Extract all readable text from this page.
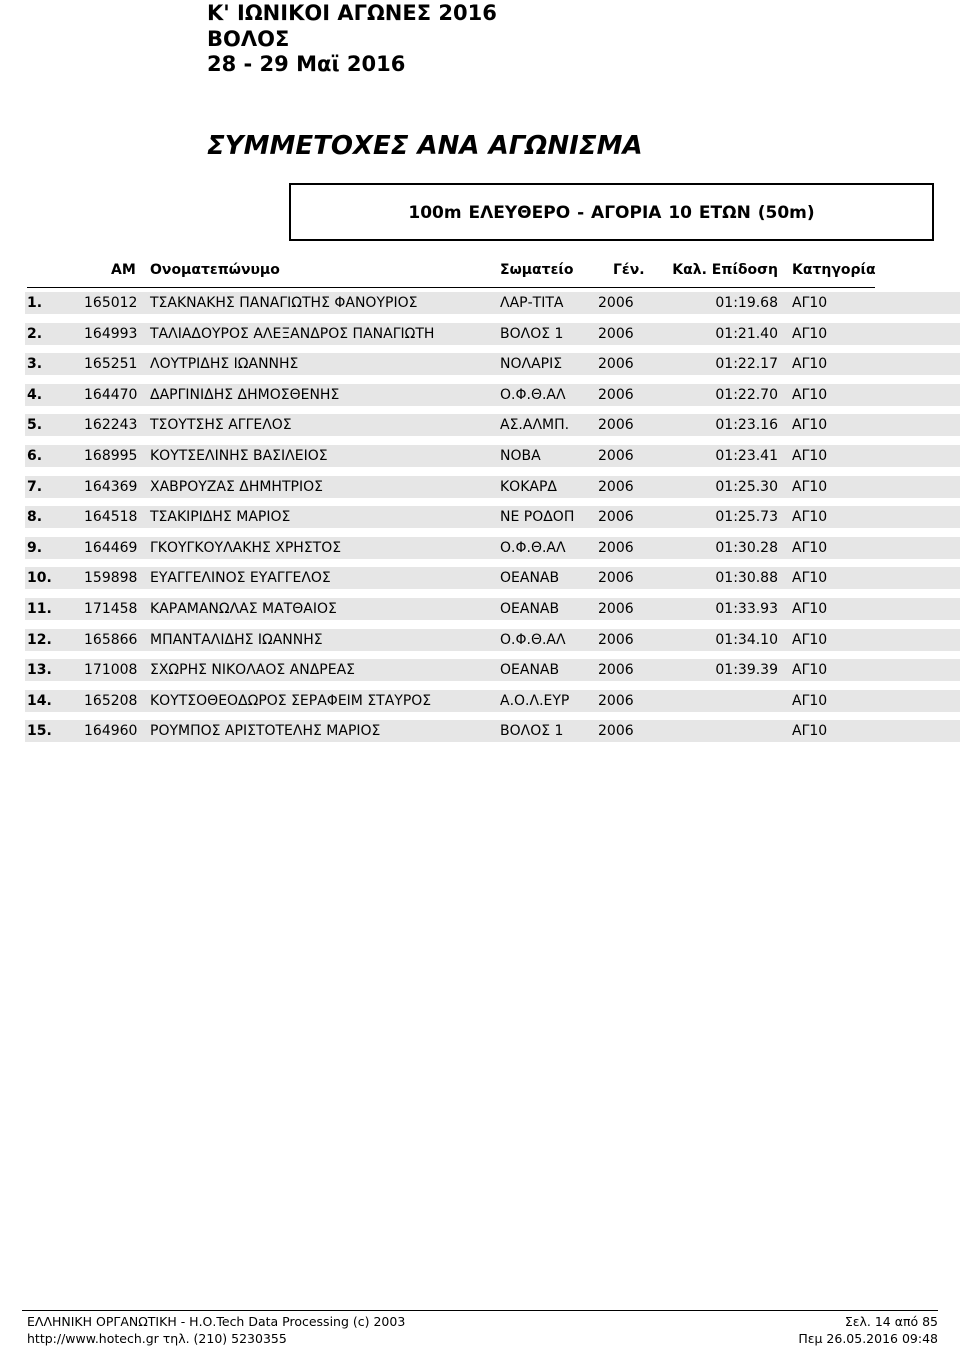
Κ' ΙΩΝΙΚΟΙ ΑΓΩΝΕΣ 2016
ΒΟΛΟΣ
28 - 29 Μαϊ 2016
ΣΥΜΜΕΤΟΧΕΣ ΑΝΑ ΑΓΩΝΙΣΜΑ
100m ΕΛΕΥΘΕΡΟ - ΑΓΟΡΙΑ 10 ΕΤΩΝ (50m)
ΑΜ Ονοματεπώνυμο	Σωματείο	Γέν. Καλ. Επίδοση Κατηγορία
1.	165012 ΤΣΑΚΝΑΚΗΣ ΠΑΝΑΓΙΩΤΗΣ ΦΑΝΟΥΡΙΟΣ	ΛΑΡ-ΤΙΤΑ 2006	01:19.68 ΑΓ10
2.	164993 ΤΑΛΙΑΔΟΥΡΟΣ ΑΛΕΞΑΝΔΡΟΣ ΠΑΝΑΓΙΩΤΗ	ΒΟΛΟΣ 1 2006	01:21.40 ΑΓ10
3.	165251 ΛΟΥΤΡΙΔΗΣ ΙΩΑΝΝΗΣ	ΝΟΛΑΡΙΣ	2006	01:22.17 ΑΓ10
4.	164470 ΔΑΡΓΙΝΙΔΗΣ ΔΗΜΟΣΘΕΝΗΣ	Ο.Φ.Θ.ΑΛ 2006	01:22.70 ΑΓ10
5.	162243 ΤΣΟΥΤΣΗΣ ΑΓΓΕΛΟΣ	ΑΣ.ΑΛΜΠ. 2006	01:23.16 ΑΓ10
6.	168995 ΚΟΥΤΣΕΛΙΝΗΣ ΒΑΣΙΛΕΙΟΣ	ΝΟΒΑ	2006	01:23.41 ΑΓ10
7.	164369 ΧΑΒΡΟΥΖΑΣ ΔΗΜΗΤΡΙΟΣ	ΚΟΚΑΡΔ	2006	01:25.30 ΑΓ10
8.	164518 ΤΣΑΚΙΡΙΔΗΣ ΜΑΡΙΟΣ	ΝΕ ΡΟΔΟΠ 2006	01:25.73 ΑΓ10
9.	164469 ΓΚΟΥΓΚΟΥΛΑΚΗΣ ΧΡΗΣΤΟΣ	Ο.Φ.Θ.ΑΛ 2006	01:30.28 ΑΓ10
10. 159898 ΕΥΑΓΓΕΛΙΝΟΣ ΕΥΑΓΓΕΛΟΣ	ΟΕΑΝΑΒ	2006	01:30.88 ΑΓ10
11. 171458 ΚΑΡΑΜΑΝΩΛΑΣ ΜΑΤΘΑΙΟΣ	ΟΕΑΝΑΒ	2006	01:33.93 ΑΓ10
12. 165866 ΜΠΑΝΤΑΛΙΔΗΣ ΙΩΑΝΝΗΣ	Ο.Φ.Θ.ΑΛ 2006	01:34.10 ΑΓ10
13. 171008 ΣΧΩΡΗΣ ΝΙΚΟΛΑΟΣ ΑΝΔΡΕΑΣ	ΟΕΑΝΑΒ	2006	01:39.39 ΑΓ10
14. 165208 ΚΟΥΤΣΟΘΕΟΔΩΡΟΣ ΣΕΡΑΦΕΙΜ ΣΤΑΥΡΟΣ	Α.Ο.Λ.ΕΥΡ 2006	ΑΓ10
15. 164960 ΡΟΥΜΠΟΣ ΑΡΙΣΤΟΤΕΛΗΣ ΜΑΡΙΟΣ	ΒΟΛΟΣ 1 2006	ΑΓ10
ΕΛΛΗΝΙΚΗ ΟΡΓΑΝΩΤΙΚΗ - Η.Ο.Tech Data Processing (c) 2003
http://www.hotech.gr τηλ. (210) 5230355
Σελ. 14 από 85
Πεμ 26.05.2016 09:48
